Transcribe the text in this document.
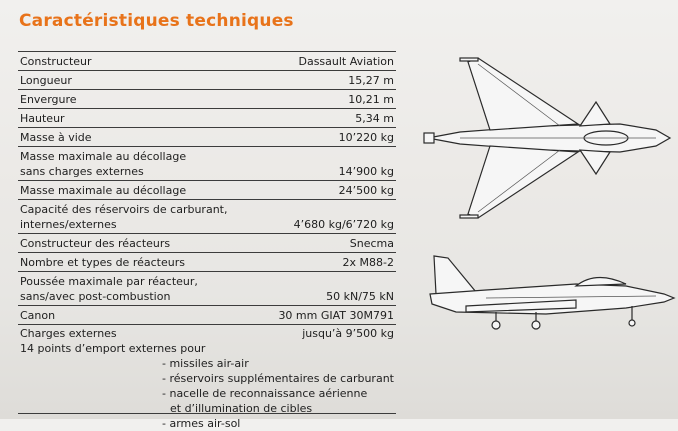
Caractéristiques techniques
Constructeur	Dassault Aviation
Longueur	15,27 m
Envergure	10,21 m
Hauteur	5,34 m
Masse à vide	10’220 kg
Masse maximale au décollage
sans charges externes	14’900 kg
Masse maximale au décollage	24’500 kg
Capacité des réservoirs de carburant,
internes/externes	4’680 kg/6’720 kg
Constructeur des réacteurs	Snecma
Nombre et types de réacteurs	2x M88-2
Poussée maximale par réacteur,
sans/avec post-combustion	50 kN/75 kN
Canon	30 mm GIAT 30M791
Charges externes	jusqu’à 9’500 kg
14 points d’emport externes pour
- missiles air-air
- réservoirs supplémentaires de carburant
- nacelle de reconnaissance aérienne
et d’illumination de cibles
- armes air-sol
